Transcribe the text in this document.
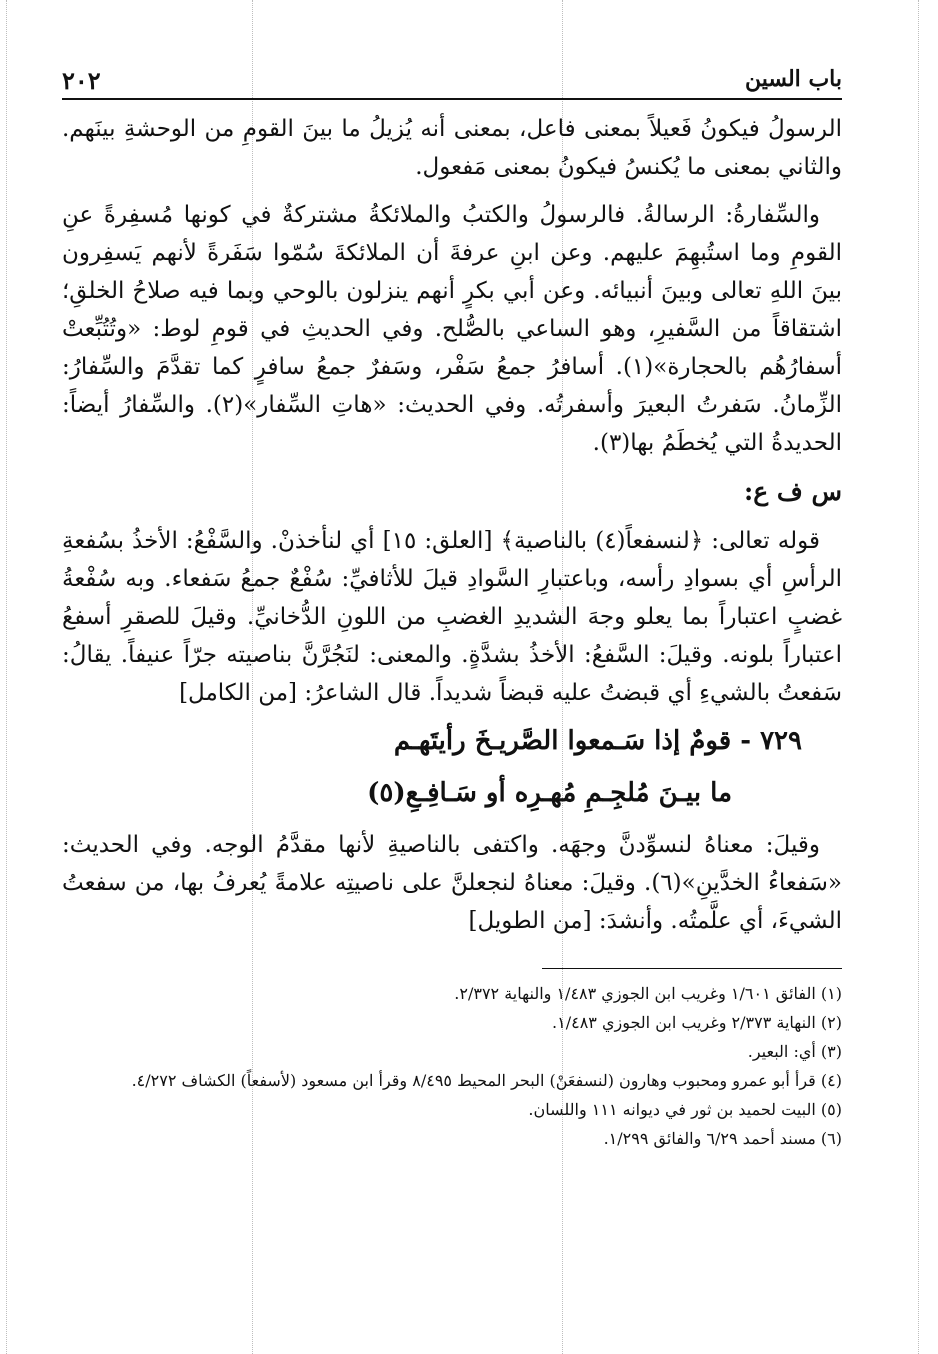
باب السين
٢٠٢

الرسولُ فيكونُ فَعيلاً بمعنى فاعل، بمعنى أنه يُزيلُ ما بينَ القومِ من الوحشةِ بينَهم. والثاني بمعنى ما يُكنسُ فيكونُ بمعنى مَفعول.

والسِّفارةُ: الرسالةُ. فالرسولُ والكتبُ والملائكةُ مشتركةٌ في كونها مُسفِرةً عنِ القومِ وما استُبهِمَ عليهم. وعن ابنِ عرفةَ أن الملائكةَ سُمّوا سَفَرةً لأنهم يَسفِرون بينَ اللهِ تعالى وبينَ أنبيائه. وعن أبي بكرٍ أنهم ينزلون بالوحي وبما فيه صلاحُ الخلقِ؛ اشتقاقاً من السَّفيرِ، وهو الساعي بالصُّلح. وفي الحديثِ في قومِ لوط: «وتُتُبِّعتْ أسفارُهُم بالحجارة»(١). أسافرُ جمعُ سَفْر، وسَفرٌ جمعُ سافرٍ كما تقدَّمَ والسِّفارُ: الزِّمانُ. سَفرتُ البعيرَ وأسفرتُه. وفي الحديث: «هاتِ السِّفار»(٢). والسِّفارُ أيضاً: الحديدةُ التي يُخطَمُ بها(٣).

س ف ع:

قوله تعالى: ﴿لنسفعاً(٤) بالناصية﴾ [العلق: ١٥] أي لنأخذنْ. والسَّفْعُ: الأخذُ بسُفعةِ الرأسِ أي بسوادِ رأسه، وباعتبارِ السَّوادِ قيلَ للأثافيِّ: سُفْعٌ جمعُ سَفعاء. وبه سُفْعةُ غضبٍ اعتباراً بما يعلو وجهَ الشديدِ الغضبِ من اللونِ الدُّخانيِّ. وقيلَ للصقرِ أسفعُ اعتباراً بلونه. وقيلَ: السَّفعُ: الأخذُ بشدَّةٍ. والمعنى: لنَجُرَّنَّ بناصيته جرّاً عنيفاً. يقالُ: سَفعتُ بالشيءِ أي قبضتُ عليه قبضاً شديداً. قال الشاعرُ: [من الكامل]

٧٢٩ - قومٌ إذا سَـمعوا الصَّريـخَ رأيتَهـم

ما بيـنَ مُلجِـمِ مُهـرِه أو سَـافِـعِ(٥)

وقيلَ: معناهُ لنسوِّدنَّ وجهَه. واكتفى بالناصيةِ لأنها مقدَّمُ الوجه. وفي الحديث: «سَفعاءُ الخدَّينِ»(٦). وقيلَ: معناهُ لنجعلنَّ على ناصيتِه علامةً يُعرفُ بها، من سفعتُ الشيءَ، أي علَّمتُه. وأنشدَ: [من الطويل]

(١) الفائق ١/٦٠١ وغريب ابن الجوزي ١/٤٨٣ والنهاية ٢/٣٧٢.

(٢) النهاية ٢/٣٧٣ وغريب ابن الجوزي ١/٤٨٣.

(٣) أي: البعير.

(٤) قرأ أبو عمرو ومحبوب وهارون (لنسفعَنْ) البحر المحيط ٨/٤٩٥ وقرأ ابن مسعود (لأسفعاً) الكشاف ٤/٢٧٢.

(٥) البيت لحميد بن ثور في ديوانه ١١١ واللسان.

(٦) مسند أحمد ٦/٢٩ والفائق ١/٢٩٩.
